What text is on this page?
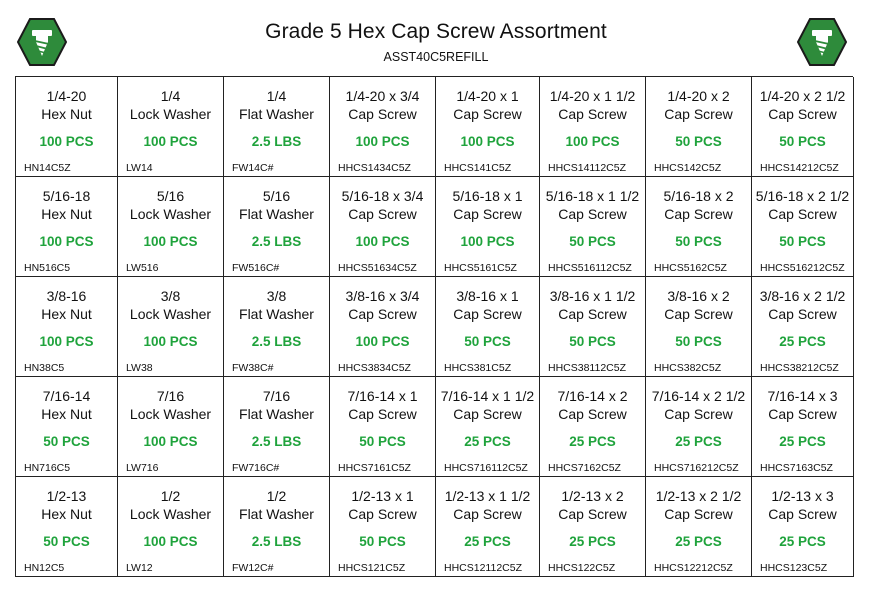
Grade 5 Hex Cap Screw Assortment
ASST40C5REFILL
1/4-20
Hex Nut
100 PCS
HN14C5Z
1/4
Lock Washer
100 PCS
LW14
1/4
Flat Washer
2.5 LBS
FW14C#
1/4-20 x 3/4
Cap Screw
100 PCS
HHCS1434C5Z
1/4-20 x 1
Cap Screw
100 PCS
HHCS141C5Z
1/4-20 x 1 1/2
Cap Screw
100 PCS
HHCS14112C5Z
1/4-20 x 2
Cap Screw
50 PCS
HHCS142C5Z
1/4-20 x 2 1/2
Cap Screw
50 PCS
HHCS14212C5Z
5/16-18
Hex Nut
100 PCS
HN516C5
5/16
Lock Washer
100 PCS
LW516
5/16
Flat Washer
2.5 LBS
FW516C#
5/16-18 x 3/4
Cap Screw
100 PCS
HHCS51634C5Z
5/16-18 x 1
Cap Screw
100 PCS
HHCS5161C5Z
5/16-18 x 1 1/2
Cap Screw
50 PCS
HHCS516112C5Z
5/16-18 x 2
Cap Screw
50 PCS
HHCS5162C5Z
5/16-18 x 2 1/2
Cap Screw
50 PCS
HHCS516212C5Z
3/8-16
Hex Nut
100 PCS
HN38C5
3/8
Lock Washer
100 PCS
LW38
3/8
Flat Washer
2.5 LBS
FW38C#
3/8-16 x 3/4
Cap Screw
100 PCS
HHCS3834C5Z
3/8-16 x 1
Cap Screw
50 PCS
HHCS381C5Z
3/8-16 x 1 1/2
Cap Screw
50 PCS
HHCS38112C5Z
3/8-16 x 2
Cap Screw
50 PCS
HHCS382C5Z
3/8-16 x 2 1/2
Cap Screw
25 PCS
HHCS38212C5Z
7/16-14
Hex Nut
50 PCS
HN716C5
7/16
Lock Washer
100 PCS
LW716
7/16
Flat Washer
2.5 LBS
FW716C#
7/16-14 x 1
Cap Screw
50 PCS
HHCS7161C5Z
7/16-14 x 1 1/2
Cap Screw
25 PCS
HHCS716112C5Z
7/16-14 x 2
Cap Screw
25 PCS
HHCS7162C5Z
7/16-14 x 2 1/2
Cap Screw
25 PCS
HHCS716212C5Z
7/16-14 x 3
Cap Screw
25 PCS
HHCS7163C5Z
1/2-13
Hex Nut
50 PCS
HN12C5
1/2
Lock Washer
100 PCS
LW12
1/2
Flat Washer
2.5 LBS
FW12C#
1/2-13 x 1
Cap Screw
50 PCS
HHCS121C5Z
1/2-13 x 1 1/2
Cap Screw
25 PCS
HHCS12112C5Z
1/2-13 x 2
Cap Screw
25 PCS
HHCS122C5Z
1/2-13 x 2 1/2
Cap Screw
25 PCS
HHCS12212C5Z
1/2-13 x 3
Cap Screw
25 PCS
HHCS123C5Z
